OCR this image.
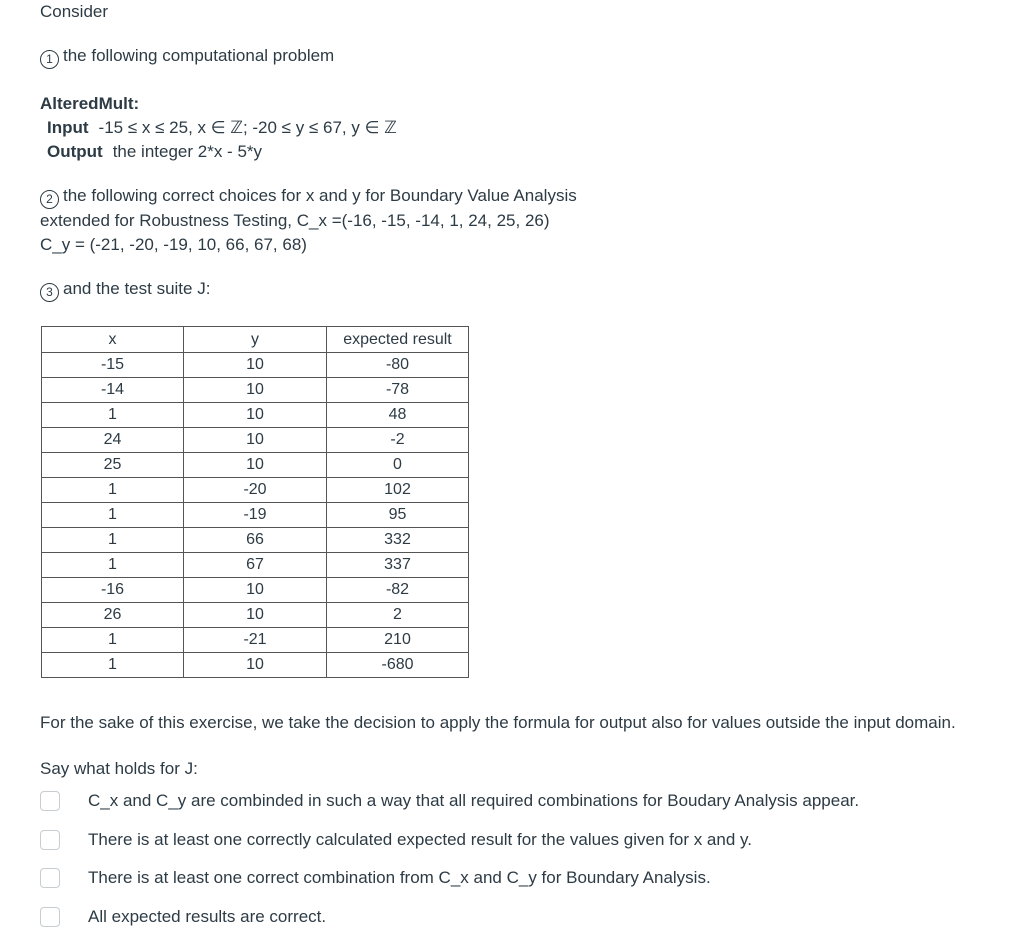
Consider
1 the following computational problem
AlteredMult:
Input -15 ≤ x ≤ 25, x ∈ ℤ; -20 ≤ y ≤ 67, y ∈ ℤ
Output the integer 2*x - 5*y
2 the following correct choices for x and y for Boundary Value Analysis
extended for Robustness Testing, C_x =(-16, -15, -14, 1, 24, 25, 26)
C_y = (-21, -20, -19, 10, 66, 67, 68)
3 and the test suite J:
x	y	expected result
-15	10	-80
-14	10	-78
1	10	48
24	10	-2
25	10	0
1	-20	102
1	-19	95
1	66	332
1	67	337
-16	10	-82
26	10	2
1	-21	210
1	10	-680
For the sake of this exercise, we take the decision to apply the formula for output also for values outside the input domain.
Say what holds for J:
C_x and C_y are combinded in such a way that all required combinations for Boudary Analysis appear.
There is at least one correctly calculated expected result for the values given for x and y.
There is at least one correct combination from C_x and C_y for Boundary Analysis.
All expected results are correct.
